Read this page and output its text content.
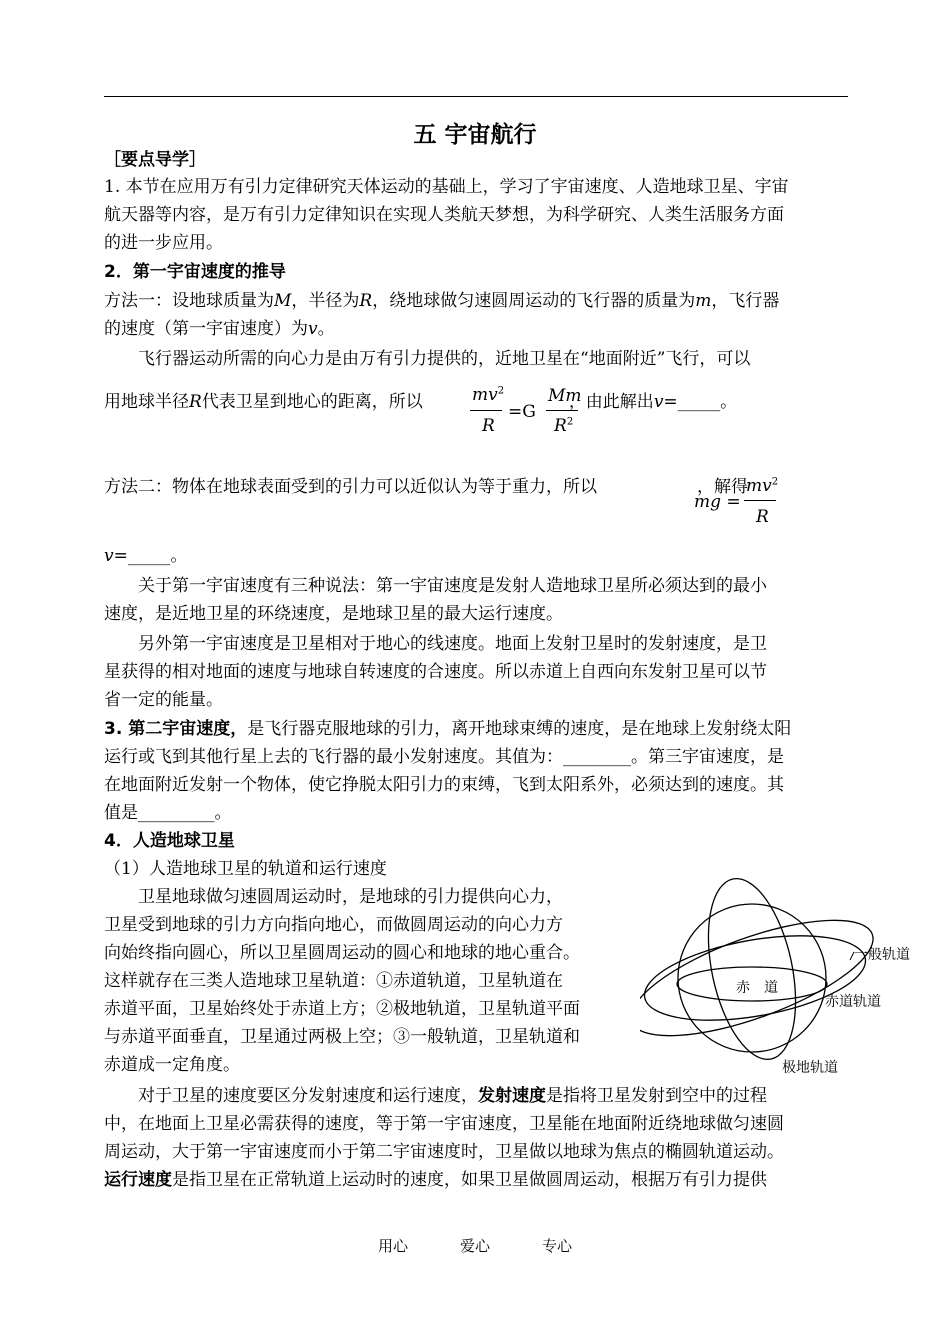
五 宇宙航行
［要点导学］
1. 本节在应用万有引力定律研究天体运动的基础上，学习了宇宙速度、人造地球卫星、宇宙
航天器等内容，是万有引力定律知识在实现人类航天梦想，为科学研究、人类生活服务方面
的进一步应用。
2．第一宇宙速度的推导
方法一：设地球质量为M，半径为R，绕地球做匀速圆周运动的飞行器的质量为m，飞行器
的速度（第一宇宙速度）为v。
　　飞行器运动所需的向心力是由万有引力提供的，近地卫星在“地面附近”飞行，可以
用地球半径R代表卫星到地心的距离，所以	，由此解出v=_____。
$mv^2$
R
=G
Mm
$R^2$
方法二：物体在地球表面受到的引力可以近似认为等于重力，所以	，解得
mg =
$mv^2$
R
v=_____。
　　关于第一宇宙速度有三种说法：第一宇宙速度是发射人造地球卫星所必须达到的最小
速度，是近地卫星的环绕速度，是地球卫星的最大运行速度。
　　另外第一宇宙速度是卫星相对于地心的线速度。地面上发射卫星时的发射速度，是卫
星获得的相对地面的速度与地球自转速度的合速度。所以赤道上自西向东发射卫星可以节
省一定的能量。
3. 第二宇宙速度，是飞行器克服地球的引力，离开地球束缚的速度，是在地球上发射绕太阳
运行或飞到其他行星上去的飞行器的最小发射速度。其值为：________。第三宇宙速度，是
在地面附近发射一个物体，使它挣脱太阳引力的束缚，飞到太阳系外，必须达到的速度。其
值是_________。
4．人造地球卫星
（1）人造地球卫星的轨道和运行速度
　　卫星地球做匀速圆周运动时，是地球的引力提供向心力，
卫星受到地球的引力方向指向地心，而做圆周运动的向心力方
向始终指向圆心，所以卫星圆周运动的圆心和地球的地心重合。
这样就存在三类人造地球卫星轨道：①赤道轨道，卫星轨道在
赤道平面，卫星始终处于赤道上方；②极地轨道，卫星轨道平面
与赤道平面垂直，卫星通过两极上空；③一般轨道，卫星轨道和
赤道成一定角度。
一般轨道
赤　道
赤道轨道
极地轨道
　　对于卫星的速度要区分发射速度和运行速度，发射速度是指将卫星发射到空中的过程
中，在地面上卫星必需获得的速度，等于第一宇宙速度，卫星能在地面附近绕地球做匀速圆
周运动，大于第一宇宙速度而小于第二宇宙速度时，卫星做以地球为焦点的椭圆轨道运动。
运行速度是指卫星在正常轨道上运动时的速度，如果卫星做圆周运动，根据万有引力提供
用心	爱心	专心
